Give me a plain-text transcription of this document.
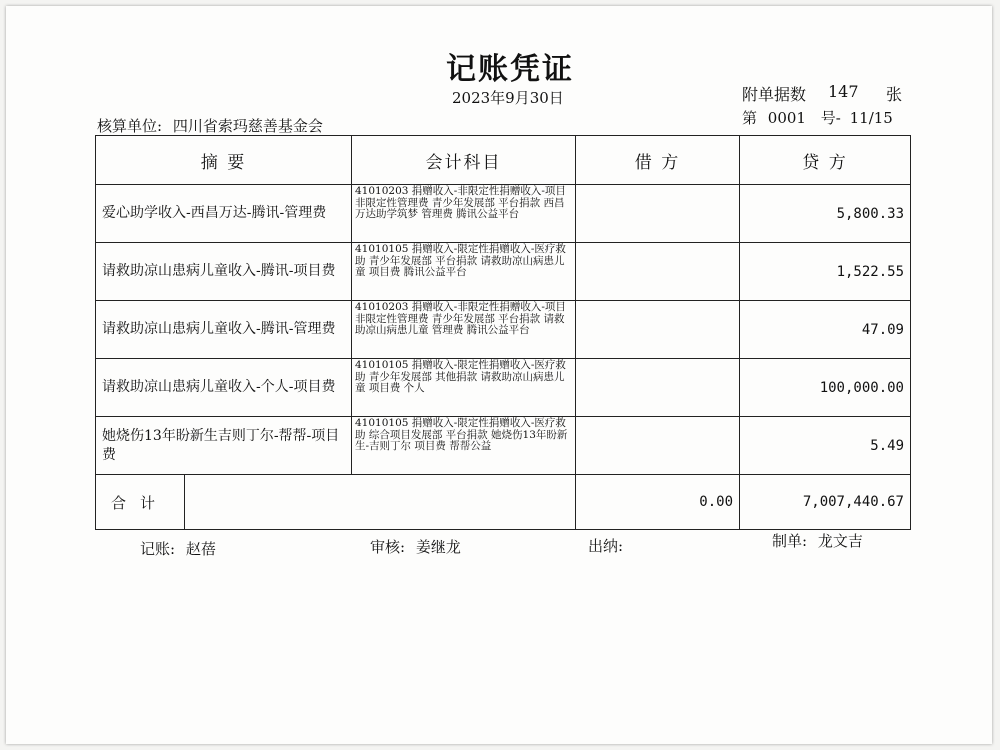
记账凭证
2023年9月30日	附单据数 147 张
核算单位: 四川省索玛慈善基金会	第 0001 号- 11/15
摘 要	会计科目	借 方	贷 方
爱心助学收入-西昌万达-腾讯-管理费	41010203 捐赠收入-非限定性捐赠收入-项目非限定性管理费 青少年发展部 平台捐款 西昌万达助学筑梦 管理费 腾讯公益平台		5,800.33
请救助凉山患病儿童收入-腾讯-项目费	41010105 捐赠收入-限定性捐赠收入-医疗救助 青少年发展部 平台捐款 请救助凉山病患儿童 项目费 腾讯公益平台		1,522.55
请救助凉山患病儿童收入-腾讯-管理费	41010203 捐赠收入-非限定性捐赠收入-项目非限定性管理费 青少年发展部 平台捐款 请救助凉山病患儿童 管理费 腾讯公益平台		47.09
请救助凉山患病儿童收入-个人-项目费	41010105 捐赠收入-限定性捐赠收入-医疗救助 青少年发展部 其他捐款 请救助凉山病患儿童 项目费 个人		100,000.00
她烧伤13年盼新生吉则丁尔-帮帮-项目费	41010105 捐赠收入-限定性捐赠收入-医疗救助 综合项目发展部 平台捐款 她烧伤13年盼新生-吉则丁尔 项目费 帮帮公益		5.49

合计		0.00	7,007,440.67
记账: 赵蓓	审核: 姜继龙	出纳:	制单: 龙文吉
